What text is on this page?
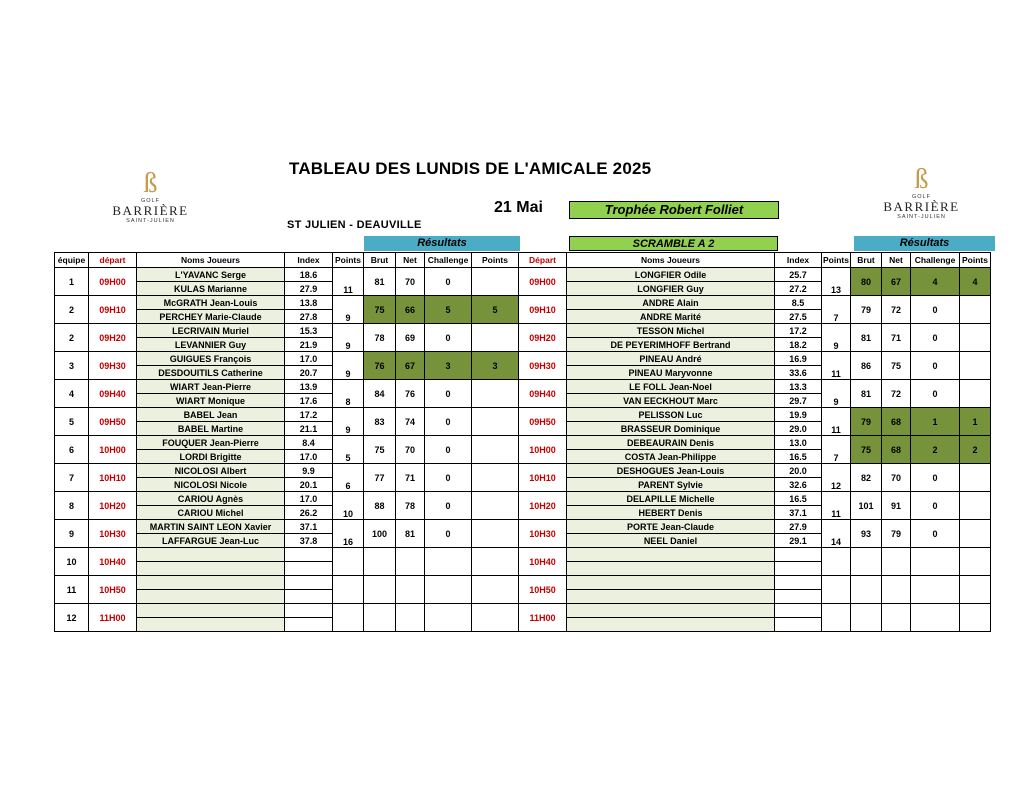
ß
GOLF
BARRIÈRE
SAINT-JULIEN
ß
GOLF
BARRIÈRE
SAINT-JULIEN
TABLEAU DES LUNDIS DE L'AMICALE 2025
21 Mai	Trophée Robert Folliet
ST JULIEN - DEAUVILLE
Résultats	SCRAMBLE A 2	Résultats
équipe	départ	Noms Joueurs	Index	Points	Brut	Net	Challenge	Points	Départ	Noms Joueurs	Index	Points	Brut	Net	Challenge	Points
1	09H00	L'YAVANC Serge	18.6	11	81	70	0		09H00	LONGFIER Odile	25.7	13	80	67	4	4
		KULAS Marianne	27.9							LONGFIER Guy	27.2					
2	09H10	McGRATH Jean-Louis	13.8	9	75	66	5	5	09H10	ANDRE Alain	8.5	7	79	72	0	
		PERCHEY Marie-Claude	27.8							ANDRE Marité	27.5					
2	09H20	LECRIVAIN Muriel	15.3	9	78	69	0		09H20	TESSON Michel	17.2	9	81	71	0	
		LEVANNIER Guy	21.9							DE PEYERIMHOFF Bertrand	18.2					
3	09H30	GUIGUES François	17.0	9	76	67	3	3	09H30	PINEAU André	16.9	11	86	75	0	
		DESDOUITILS Catherine	20.7							PINEAU Maryvonne	33.6					
4	09H40	WIART Jean-Pierre	13.9	8	84	76	0		09H40	LE FOLL Jean-Noel	13.3	9	81	72	0	
		WIART Monique	17.6							VAN EECKHOUT Marc	29.7					
5	09H50	BABEL Jean	17.2	9	83	74	0		09H50	PELISSON Luc	19.9	11	79	68	1	1
		BABEL Martine	21.1							BRASSEUR Dominique	29.0					
6	10H00	FOUQUER Jean-Pierre	8.4	5	75	70	0		10H00	DEBEAURAIN Denis	13.0	7	75	68	2	2
		LORDI Brigitte	17.0							COSTA Jean-Philippe	16.5					
7	10H10	NICOLOSI Albert	9.9	6	77	71	0		10H10	DESHOGUES Jean-Louis	20.0	12	82	70	0	
		NICOLOSI Nicole	20.1							PARENT Sylvie	32.6					
8	10H20	CARIOU Agnès	17.0	10	88	78	0		10H20	DELAPILLE Michelle	16.5	11	101	91	0	
		CARIOU Michel	26.2							HEBERT Denis	37.1					
9	10H30	MARTIN SAINT LEON Xavier	37.1	16	100	81	0		10H30	PORTE Jean-Claude	27.9	14	93	79	0	
		LAFFARGUE Jean-Luc	37.8							NEEL Daniel	29.1					
10	10H40								10H40							

11	10H50								10H50							

12	11H00								11H00							
